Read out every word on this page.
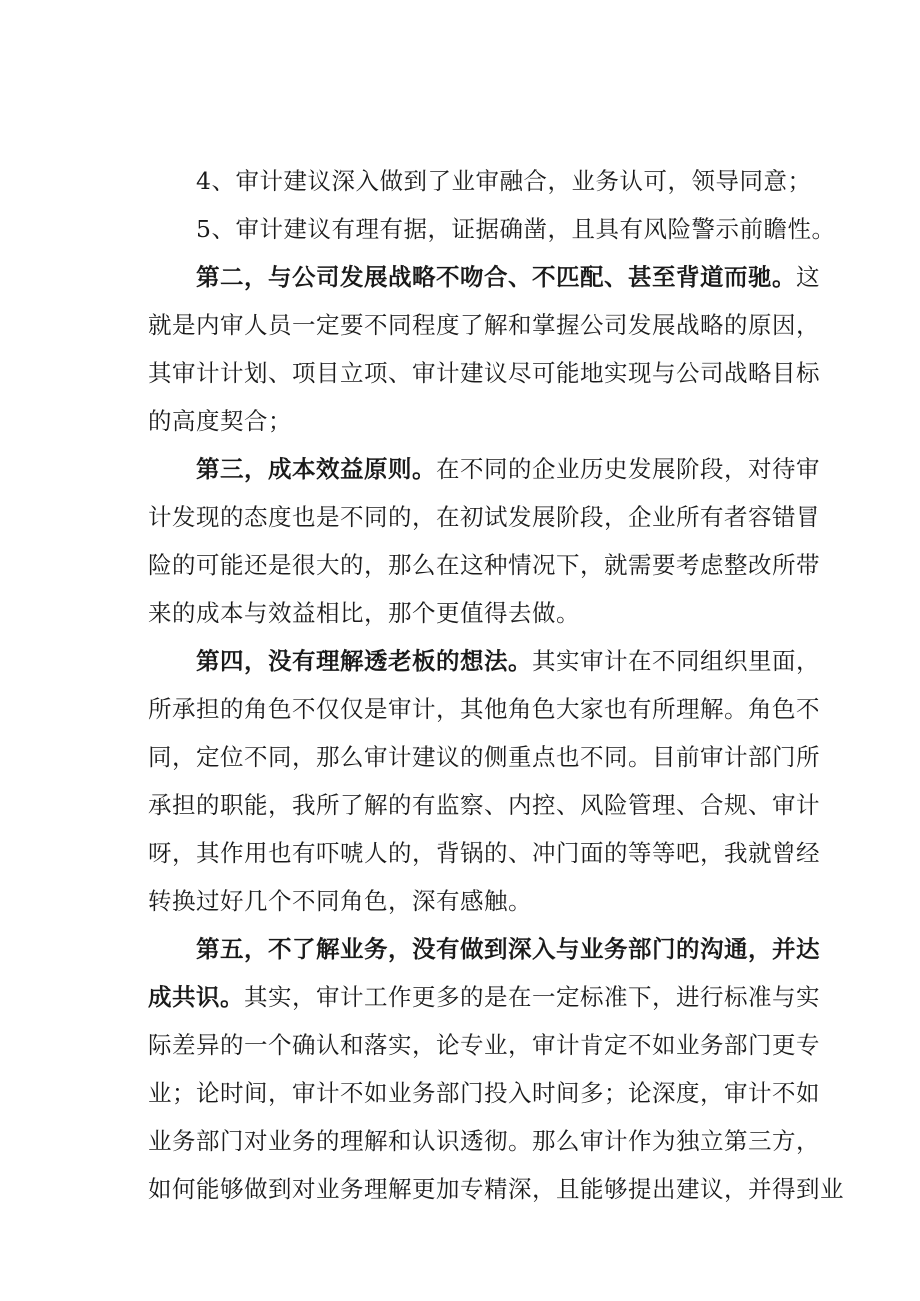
4、审计建议深入做到了业审融合，业务认可，领导同意；
5、审计建议有理有据，证据确凿，且具有风险警示前瞻性。
第二，与公司发展战略不吻合、不匹配、甚至背道而驰。这
就是内审人员一定要不同程度了解和掌握公司发展战略的原因，
其审计计划、项目立项、审计建议尽可能地实现与公司战略目标
的高度契合；
第三，成本效益原则。在不同的企业历史发展阶段，对待审
计发现的态度也是不同的，在初试发展阶段，企业所有者容错冒
险的可能还是很大的，那么在这种情况下，就需要考虑整改所带
来的成本与效益相比，那个更值得去做。
第四，没有理解透老板的想法。其实审计在不同组织里面，
所承担的角色不仅仅是审计，其他角色大家也有所理解。角色不
同，定位不同，那么审计建议的侧重点也不同。目前审计部门所
承担的职能，我所了解的有监察、内控、风险管理、合规、审计
呀，其作用也有吓唬人的，背锅的、冲门面的等等吧，我就曾经
转换过好几个不同角色，深有感触。
第五，不了解业务，没有做到深入与业务部门的沟通，并达
成共识。其实，审计工作更多的是在一定标准下，进行标准与实
际差异的一个确认和落实，论专业，审计肯定不如业务部门更专
业；论时间，审计不如业务部门投入时间多；论深度，审计不如
业务部门对业务的理解和认识透彻。那么审计作为独立第三方，
如何能够做到对业务理解更加专精深，且能够提出建议，并得到业
